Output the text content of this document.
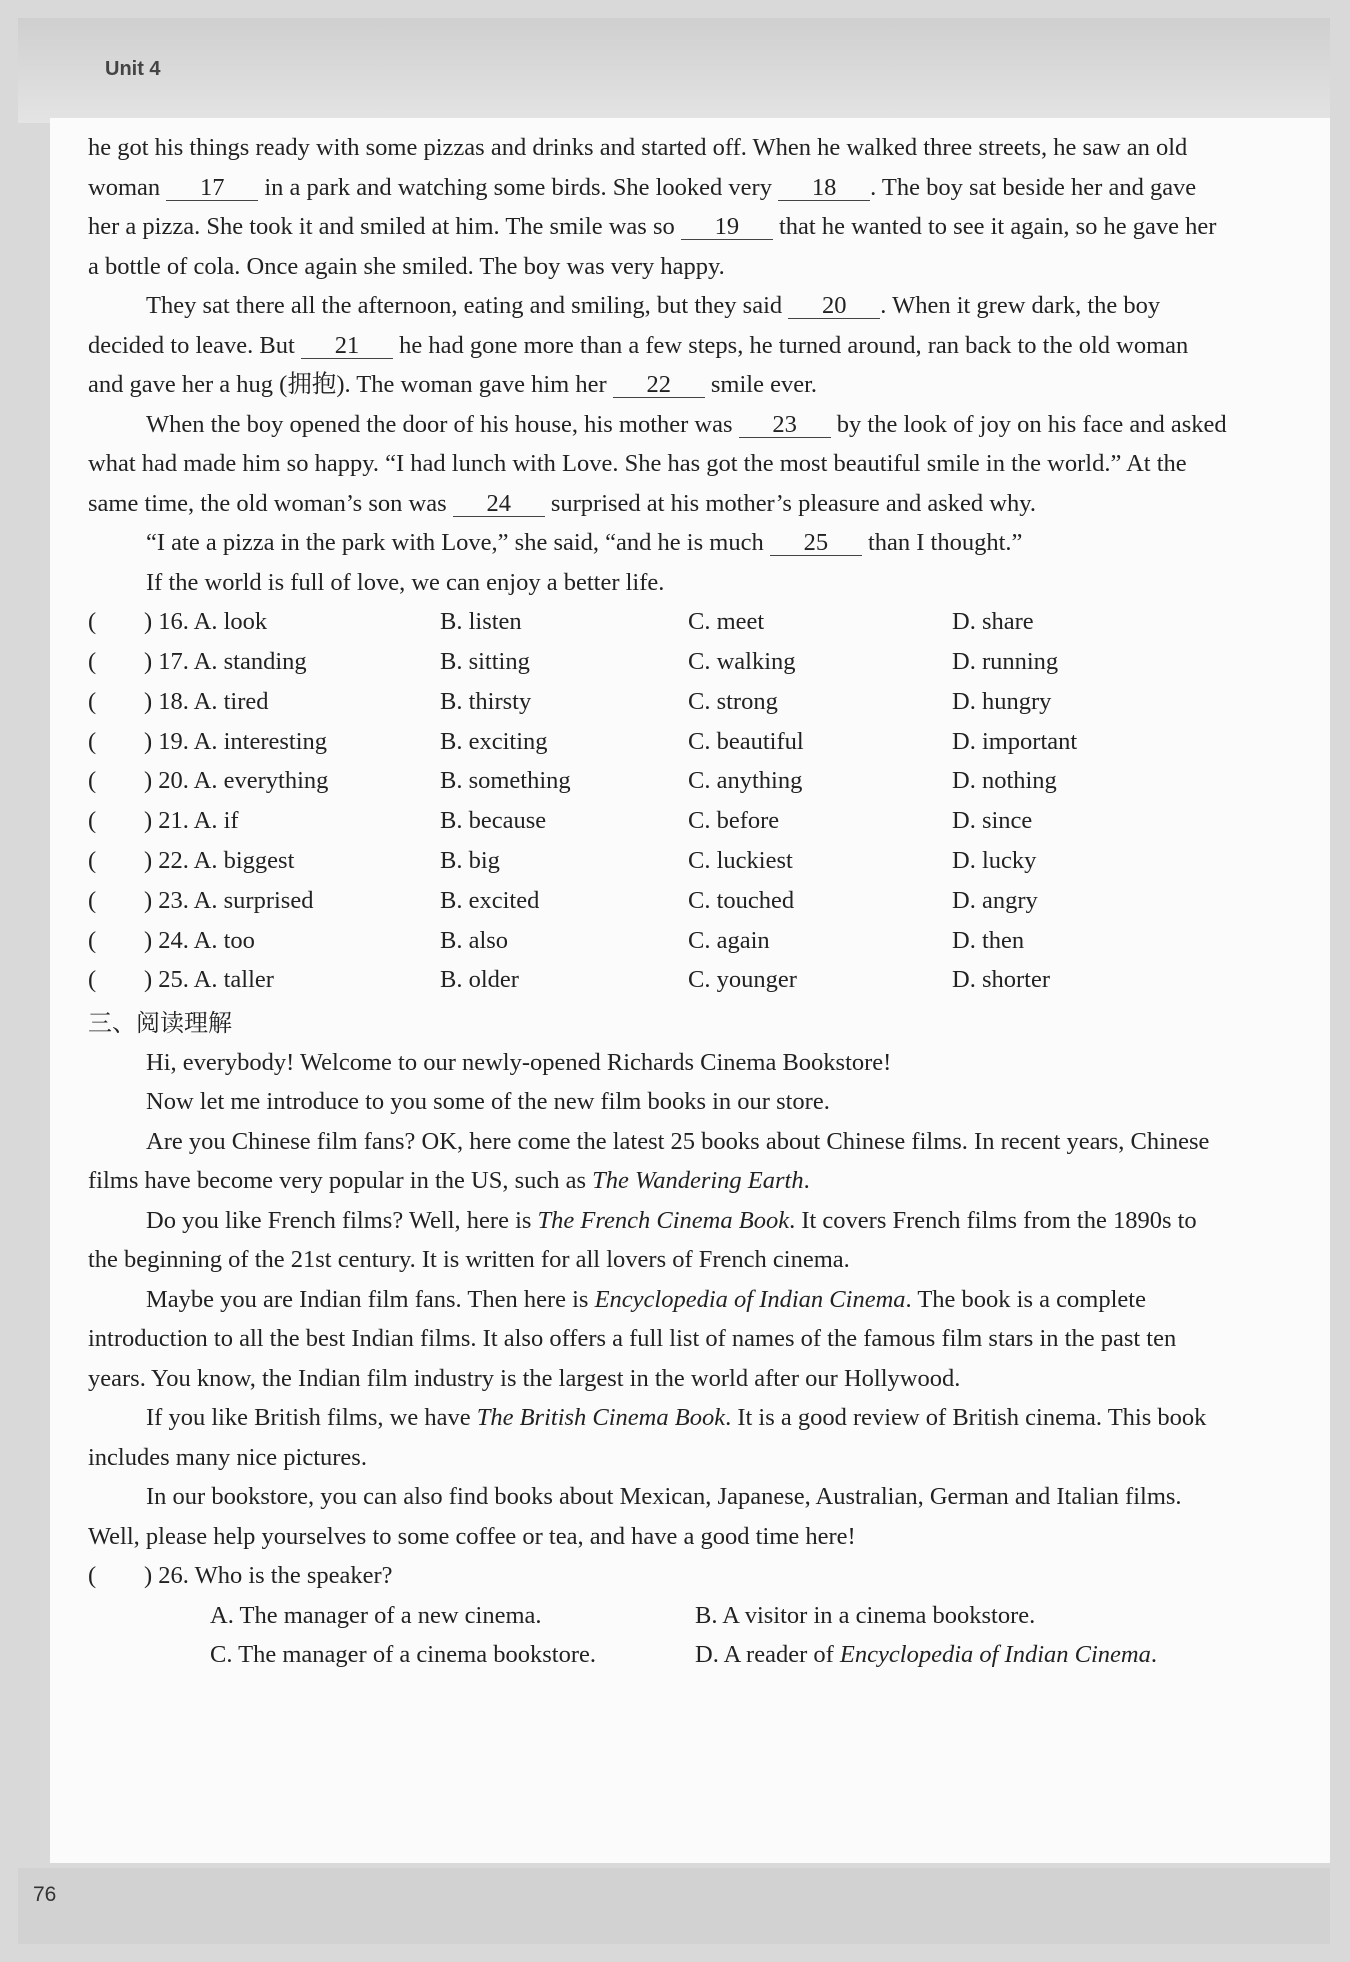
Unit 4
76

he got his things ready with some pizzas and drinks and started off. When he walked three streets, he saw an old woman 17 in a park and watching some birds. She looked very 18 . The boy sat beside her and gave her a pizza. She took it and smiled at him. The smile was so 19 that he wanted to see it again, so he gave her a bottle of cola. Once again she smiled. The boy was very happy.

They sat there all the afternoon, eating and smiling, but they said 20 . When it grew dark, the boy decided to leave. But 21 he had gone more than a few steps, he turned around, ran back to the old woman and gave her a hug (拥抱). The woman gave him her 22 smile ever.

When the boy opened the door of his house, his mother was 23 by the look of joy on his face and asked what had made him so happy. “I had lunch with Love. She has got the most beautiful smile in the world.” At the same time, the old woman’s son was 24 surprised at his mother’s pleasure and asked why.

“I ate a pizza in the park with Love,” she said, “and he is much 25 than I thought.”

If the world is full of love, we can enjoy a better life.

( ) 16. A. look	B. listen	C. meet	D. share
( ) 17. A. standing	B. sitting	C. walking	D. running
( ) 18. A. tired	B. thirsty	C. strong	D. hungry
( ) 19. A. interesting	B. exciting	C. beautiful	D. important
( ) 20. A. everything	B. something	C. anything	D. nothing
( ) 21. A. if	B. because	C. before	D. since
( ) 22. A. biggest	B. big	C. luckiest	D. lucky
( ) 23. A. surprised	B. excited	C. touched	D. angry
( ) 24. A. too	B. also	C. again	D. then
( ) 25. A. taller	B. older	C. younger	D. shorter

三、阅读理解

Hi, everybody! Welcome to our newly-opened Richards Cinema Bookstore!

Now let me introduce to you some of the new film books in our store.

Are you Chinese film fans? OK, here come the latest 25 books about Chinese films. In recent years, Chinese films have become very popular in the US, such as The Wandering Earth.

Do you like French films? Well, here is The French Cinema Book. It covers French films from the 1890s to the beginning of the 21st century. It is written for all lovers of French cinema.

Maybe you are Indian film fans. Then here is Encyclopedia of Indian Cinema. The book is a complete introduction to all the best Indian films. It also offers a full list of names of the famous film stars in the past ten years. You know, the Indian film industry is the largest in the world after our Hollywood.

If you like British films, we have The British Cinema Book. It is a good review of British cinema. This book includes many nice pictures.

In our bookstore, you can also find books about Mexican, Japanese, Australian, German and Italian films. Well, please help yourselves to some coffee or tea, and have a good time here!

(	) 26. Who is the speaker?
A. The manager of a new cinema.	B. A visitor in a cinema bookstore.
C. The manager of a cinema bookstore.	D. A reader of Encyclopedia of Indian Cinema.
